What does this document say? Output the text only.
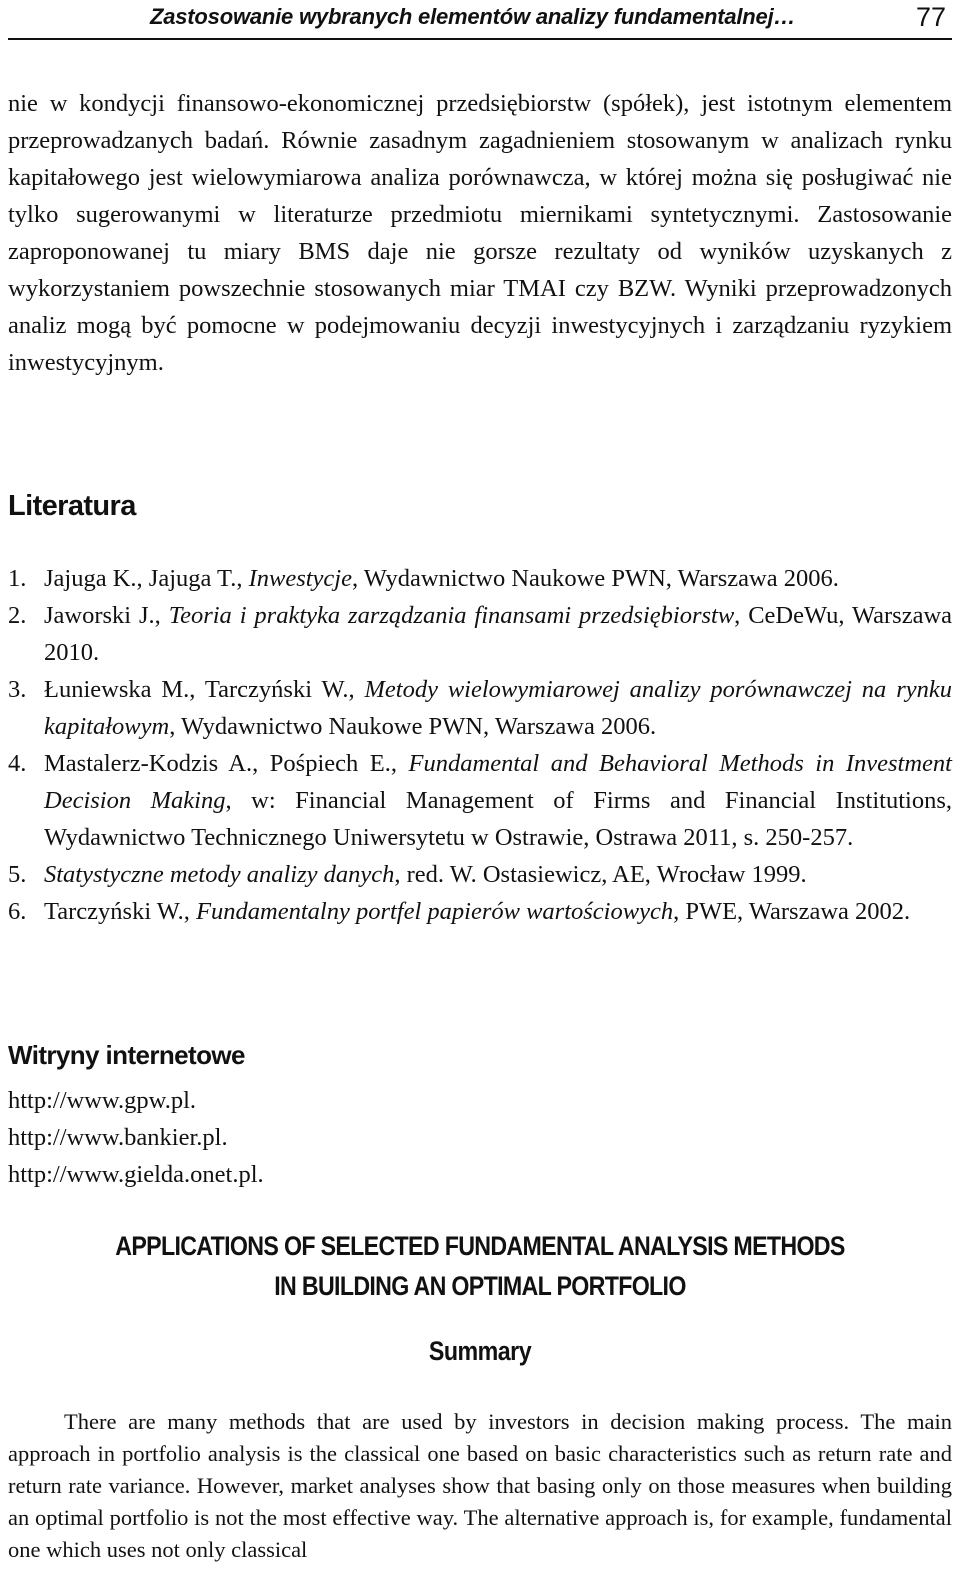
Zastosowanie wybranych elementów analizy fundamentalnej…	77

nie w kondycji finansowo-ekonomicznej przedsiębiorstw (spółek), jest istotnym elementem przeprowadzanych badań. Równie zasadnym zagadnieniem stosowanym w analizach rynku kapitałowego jest wielowymiarowa analiza porównawcza, w której można się posługiwać nie tylko sugerowanymi w literaturze przedmiotu miernikami syntetycznymi. Zastosowanie zaproponowanej tu miary BMS daje nie gorsze rezultaty od wyników uzyskanych z wykorzystaniem powszechnie stosowanych miar TMAI czy BZW. Wyniki przeprowadzonych analiz mogą być pomocne w podejmowaniu decyzji inwestycyjnych i zarządzaniu ryzykiem inwestycyjnym.

Literatura
1. Jajuga K., Jajuga T., Inwestycje, Wydawnictwo Naukowe PWN, Warszawa 2006.
2. Jaworski J., Teoria i praktyka zarządzania finansami przedsiębiorstw, CeDeWu, Warszawa 2010.
3. Łuniewska M., Tarczyński W., Metody wielowymiarowej analizy porównawczej na rynku kapitałowym, Wydawnictwo Naukowe PWN, Warszawa 2006.
4. Mastalerz-Kodzis A., Pośpiech E., Fundamental and Behavioral Methods in Investment Decision Making, w: Financial Management of Firms and Financial Institutions, Wydawnictwo Technicznego Uniwersytetu w Ostrawie, Ostrawa 2011, s. 250-257.
5. Statystyczne metody analizy danych, red. W. Ostasiewicz, AE, Wrocław 1999.
6. Tarczyński W., Fundamentalny portfel papierów wartościowych, PWE, Warszawa 2002.
Witryny internetowe
http://www.gpw.pl.
http://www.bankier.pl.
http://www.gielda.onet.pl.
APPLICATIONS OF SELECTED FUNDAMENTAL ANALYSIS METHODS
IN BUILDING AN OPTIMAL PORTFOLIO
Summary

There are many methods that are used by investors in decision making process. The main approach in portfolio analysis is the classical one based on basic characteristics such as return rate and return rate variance. However, market analyses show that basing only on those measures when building an optimal portfolio is not the most effective way. The alternative approach is, for example, fundamental one which uses not only classical
